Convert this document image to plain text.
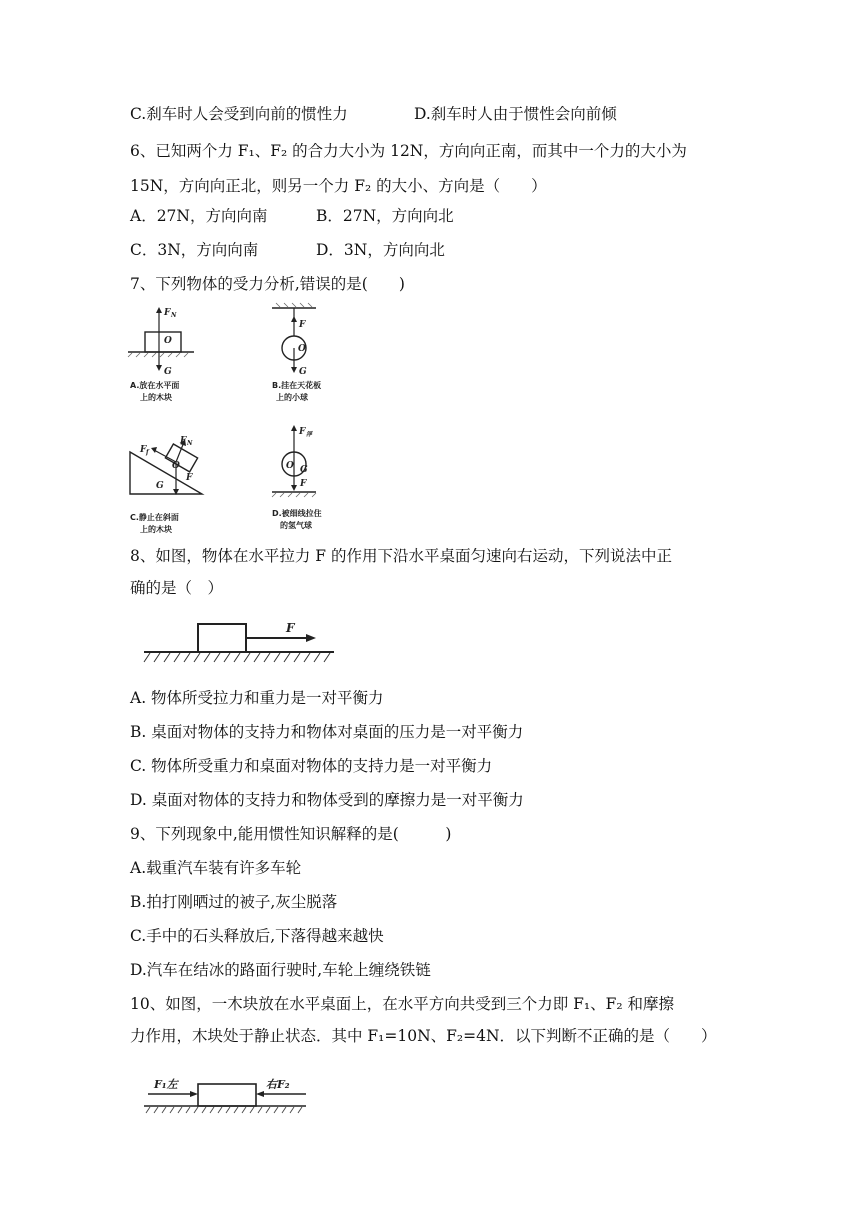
C.刹车时人会受到向前的惯性力	D.刹车时人由于惯性会向前倾
6、已知两个力 F₁、F₂ 的合力大小为 12N，方向向正南，而其中一个力的大小为
15N，方向向正北，则另一个力 F₂ 的大小、方向是（　　）
A．27N，方向向南	B．27N，方向向北
C．3N，方向向南	D．3N，方向向北
7、下列物体的受力分析,错误的是(　　)
F N
O
G
A.放在水平面
上的木块
F
O
G
B.挂在天花板
上的小球
F f
F N
O
F
G
C.静止在斜面
上的木块
F 浮
O G
F
D.被细线拉住
的氢气球
8、如图，物体在水平拉力 F 的作用下沿水平桌面匀速向右运动，下列说法中正
确的是（　）
F
A. 物体所受拉力和重力是一对平衡力
B. 桌面对物体的支持力和物体对桌面的压力是一对平衡力
C. 物体所受重力和桌面对物体的支持力是一对平衡力
D. 桌面对物体的支持力和物体受到的摩擦力是一对平衡力
9、下列现象中,能用惯性知识解释的是(　　　)
A.载重汽车装有许多车轮
B.拍打刚晒过的被子,灰尘脱落
C.手中的石头释放后,下落得越来越快
D.汽车在结冰的路面行驶时,车轮上缠绕铁链
10、如图，一木块放在水平桌面上，在水平方向共受到三个力即 F₁、F₂ 和摩擦
力作用，木块处于静止状态．其中 F₁=10N、F₂=4N．以下判断不正确的是（　　）
F₁左	右F₂
